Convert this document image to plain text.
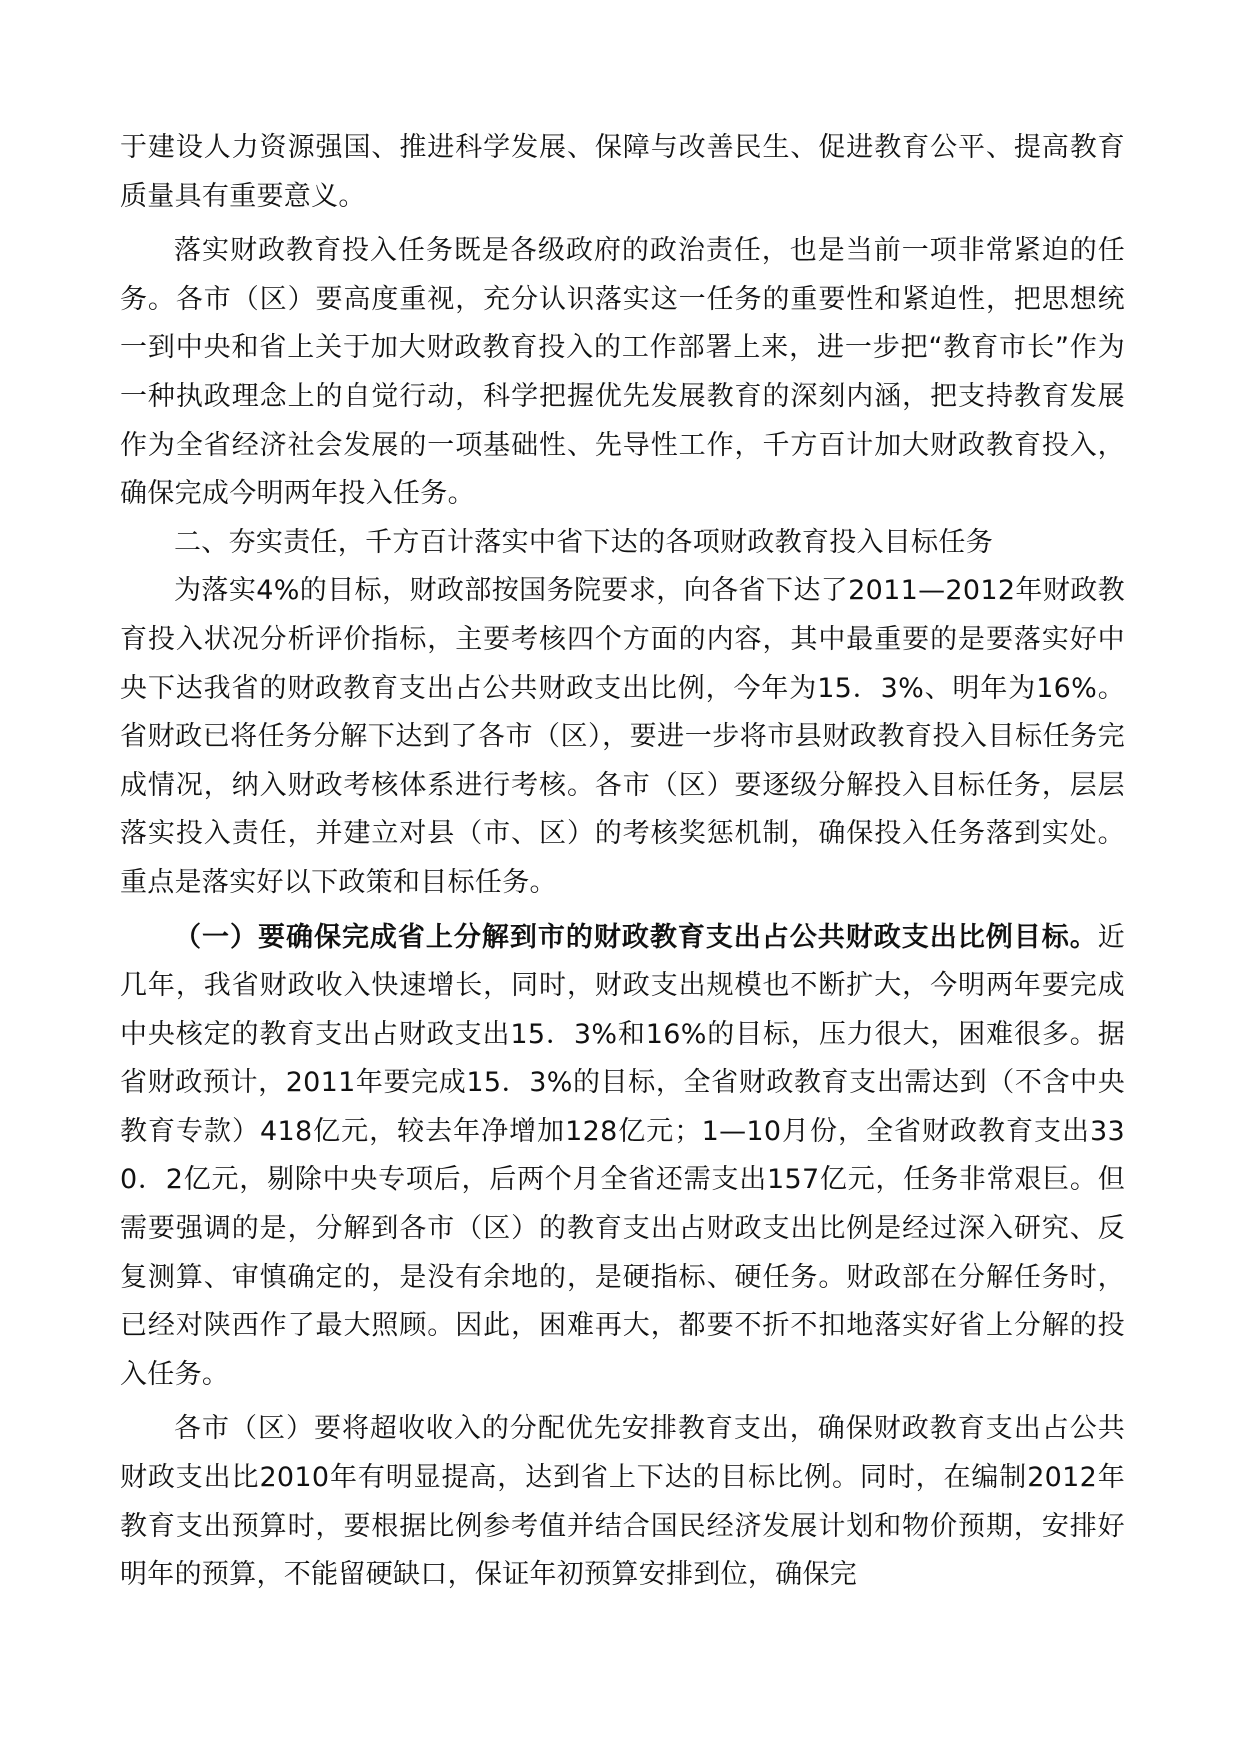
于建设人力资源强国、推进科学发展、保障与改善民生、促进教育公平、提高教育质量具有重要意义。

落实财政教育投入任务既是各级政府的政治责任，也是当前一项非常紧迫的任务。各市（区）要高度重视，充分认识落实这一任务的重要性和紧迫性，把思想统一到中央和省上关于加大财政教育投入的工作部署上来，进一步把“教育市长”作为一种执政理念上的自觉行动，科学把握优先发展教育的深刻内涵，把支持教育发展作为全省经济社会发展的一项基础性、先导性工作，千方百计加大财政教育投入，确保完成今明两年投入任务。

二、夯实责任，千方百计落实中省下达的各项财政教育投入目标任务

为落实4%的目标，财政部按国务院要求，向各省下达了2011—2012年财政教育投入状况分析评价指标，主要考核四个方面的内容，其中最重要的是要落实好中央下达我省的财政教育支出占公共财政支出比例，今年为15．3%、明年为16%。省财政已将任务分解下达到了各市（区），要进一步将市县财政教育投入目标任务完成情况，纳入财政考核体系进行考核。各市（区）要逐级分解投入目标任务，层层落实投入责任，并建立对县（市、区）的考核奖惩机制，确保投入任务落到实处。重点是落实好以下政策和目标任务。

（一）要确保完成省上分解到市的财政教育支出占公共财政支出比例目标。近几年，我省财政收入快速增长，同时，财政支出规模也不断扩大，今明两年要完成中央核定的教育支出占财政支出15．3%和16%的目标，压力很大，困难很多。据省财政预计，2011年要完成15．3%的目标，全省财政教育支出需达到（不含中央教育专款）418亿元，较去年净增加128亿元；1—10月份，全省财政教育支出330．2亿元，剔除中央专项后，后两个月全省还需支出157亿元，任务非常艰巨。但需要强调的是，分解到各市（区）的教育支出占财政支出比例是经过深入研究、反复测算、审慎确定的，是没有余地的，是硬指标、硬任务。财政部在分解任务时，已经对陕西作了最大照顾。因此，困难再大，都要不折不扣地落实好省上分解的投入任务。

各市（区）要将超收收入的分配优先安排教育支出，确保财政教育支出占公共财政支出比2010年有明显提高，达到省上下达的目标比例。同时，在编制2012年教育支出预算时，要根据比例参考值并结合国民经济发展计划和物价预期，安排好明年的预算，不能留硬缺口，保证年初预算安排到位，确保完
